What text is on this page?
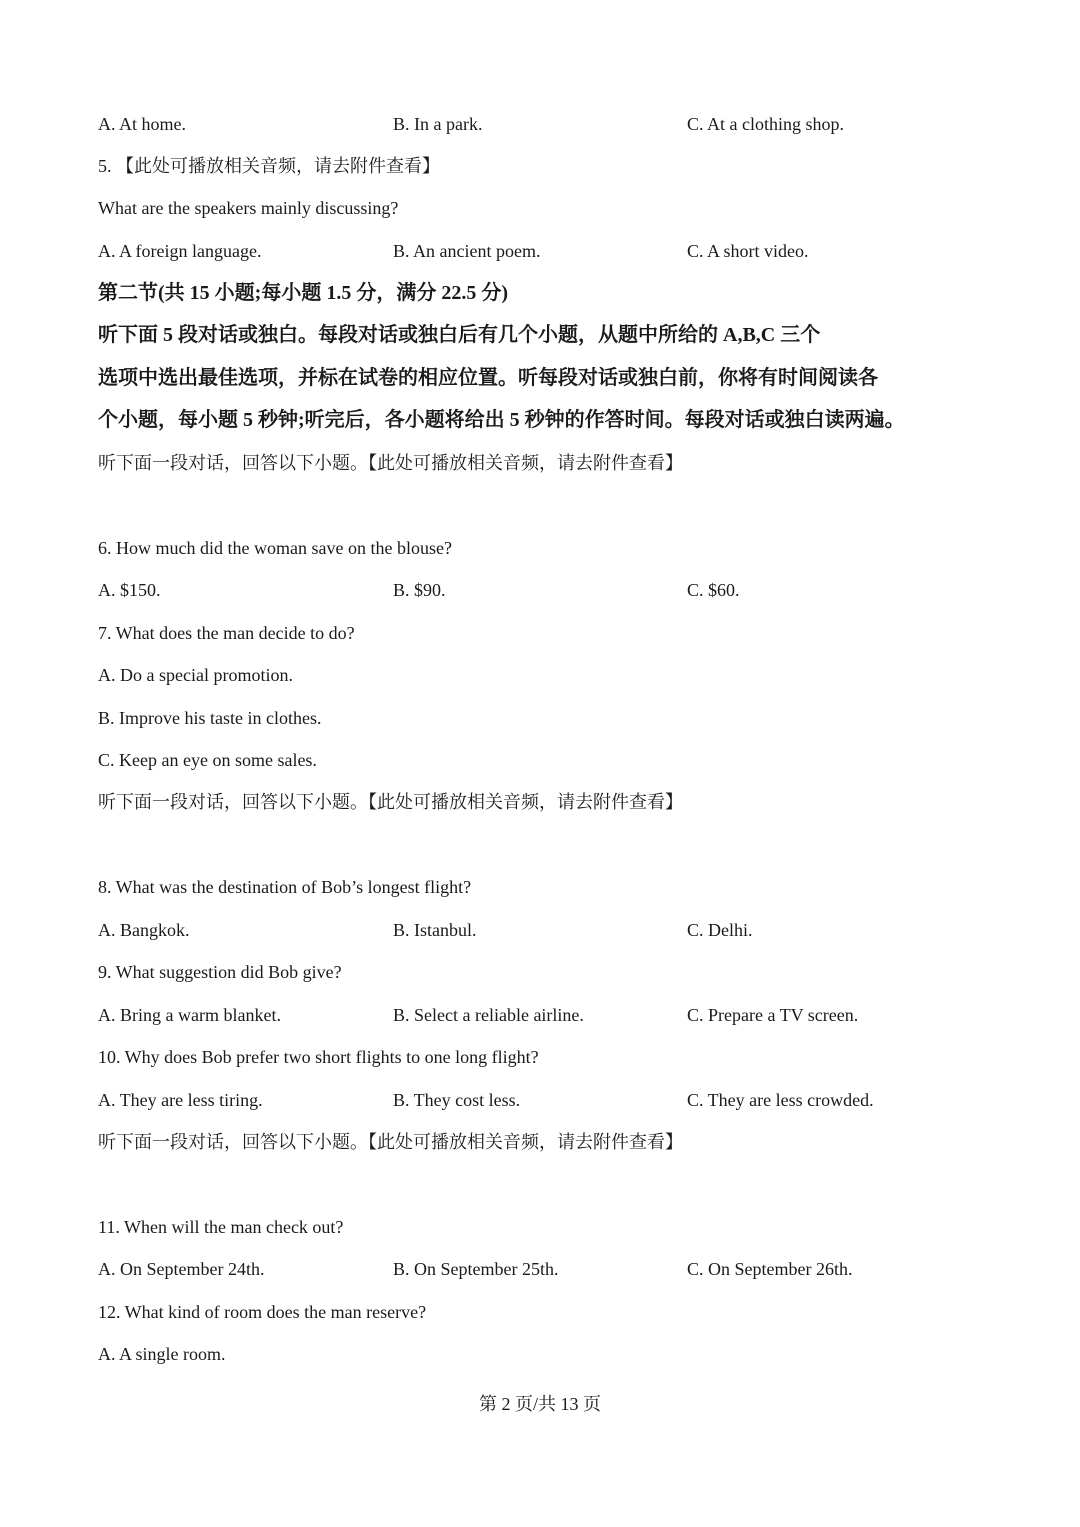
A. At home.	B. In a park.	C. At a clothing shop.
5. 【此处可播放相关音频，请去附件查看】
What are the speakers mainly discussing?
A. A foreign language.	B. An ancient poem.	C. A short video.
第二节(共 15 小题;每小题 1.5 分，满分 22.5 分)
听下面 5 段对话或独白。每段对话或独白后有几个小题，从题中所给的 A,B,C 三个
选项中选出最佳选项，并标在试卷的相应位置。听每段对话或独白前，你将有时间阅读各
个小题，每小题 5 秒钟;听完后，各小题将给出 5 秒钟的作答时间。每段对话或独白读两遍。
听下面一段对话，回答以下小题。【此处可播放相关音频，请去附件查看】
6. How much did the woman save on the blouse?
A. $150.	B. $90.	C. $60.
7. What does the man decide to do?
A. Do a special promotion.
B. Improve his taste in clothes.
C. Keep an eye on some sales.
听下面一段对话，回答以下小题。【此处可播放相关音频，请去附件查看】
8. What was the destination of Bob’s longest flight?
A. Bangkok.	B. Istanbul.	C. Delhi.
9. What suggestion did Bob give?
A. Bring a warm blanket.	B. Select a reliable airline.	C. Prepare a TV screen.
10. Why does Bob prefer two short flights to one long flight?
A. They are less tiring.	B. They cost less.	C. They are less crowded.
听下面一段对话，回答以下小题。【此处可播放相关音频，请去附件查看】
11. When will the man check out?
A. On September 24th.	B. On September 25th.	C. On September 26th.
12. What kind of room does the man reserve?
A. A single room.
第 2 页/共 13 页
